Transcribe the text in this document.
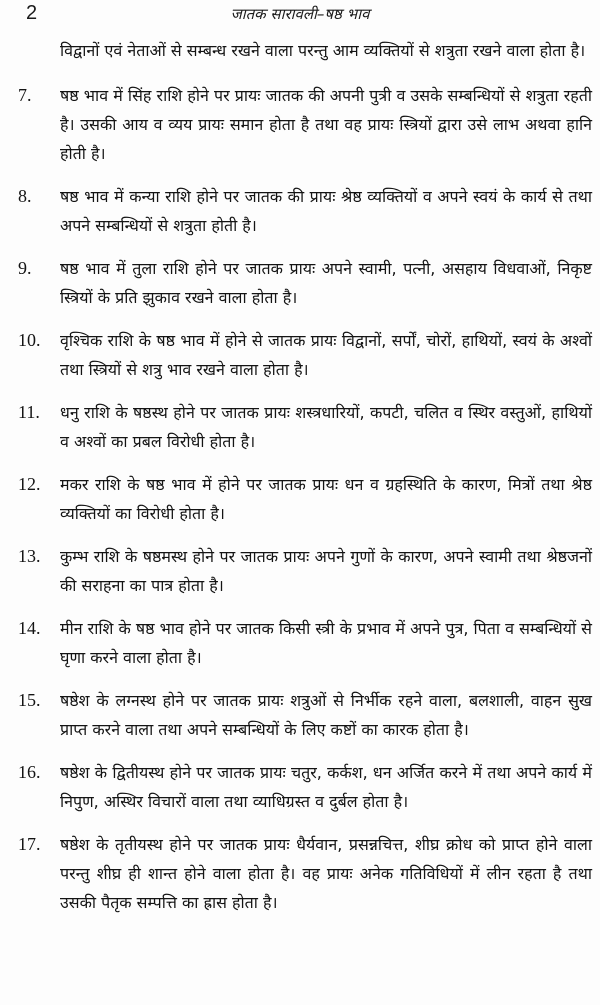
2	जातक सारावली–षष्ठ भाव
विद्वानों एवं नेताओं से सम्बन्ध रखने वाला परन्तु आम व्यक्तियों से शत्रुता रखने वाला होता है।
7.	षष्ठ भाव में सिंह राशि होने पर प्रायः जातक की अपनी पुत्री व उसके सम्बन्धियों से शत्रुता रहती है। उसकी आय व व्यय प्रायः समान होता है तथा वह प्रायः स्त्रियों द्वारा उसे लाभ अथवा हानि होती है।
8.	षष्ठ भाव में कन्या राशि होने पर जातक की प्रायः श्रेष्ठ व्यक्तियों व अपने स्वयं के कार्य से तथा अपने सम्बन्धियों से शत्रुता होती है।
9.	षष्ठ भाव में तुला राशि होने पर जातक प्रायः अपने स्वामी, पत्नी, असहाय विधवाओं, निकृष्ट स्त्रियों के प्रति झुकाव रखने वाला होता है।
10.	वृश्चिक राशि के षष्ठ भाव में होने से जातक प्रायः विद्वानों, सर्पों, चोरों, हाथियों, स्वयं के अश्वों तथा स्त्रियों से शत्रु भाव रखने वाला होता है।
11.	धनु राशि के षष्ठस्थ होने पर जातक प्रायः शस्त्रधारियों, कपटी, चलित व स्थिर वस्तुओं, हाथियों व अश्वों का प्रबल विरोधी होता है।
12.	मकर राशि के षष्ठ भाव में होने पर जातक प्रायः धन व ग्रहस्थिति के कारण, मित्रों तथा श्रेष्ठ व्यक्तियों का विरोधी होता है।
13.	कुम्भ राशि के षष्ठमस्थ होने पर जातक प्रायः अपने गुणों के कारण, अपने स्वामी तथा श्रेष्ठजनों की सराहना का पात्र होता है।
14.	मीन राशि के षष्ठ भाव होने पर जातक किसी स्त्री के प्रभाव में अपने पुत्र, पिता व सम्बन्धियों से घृणा करने वाला होता है।
15.	षष्ठेश के लग्नस्थ होने पर जातक प्रायः शत्रुओं से निर्भीक रहने वाला, बलशाली, वाहन सुख प्राप्त करने वाला तथा अपने सम्बन्धियों के लिए कष्टों का कारक होता है।
16.	षष्ठेश के द्वितीयस्थ होने पर जातक प्रायः चतुर, कर्कश, धन अर्जित करने में तथा अपने कार्य में निपुण, अस्थिर विचारों वाला तथा व्याधिग्रस्त व दुर्बल होता है।
17.	षष्ठेश के तृतीयस्थ होने पर जातक प्रायः धैर्यवान, प्रसन्नचित्त, शीघ्र क्रोध को प्राप्त होने वाला परन्तु शीघ्र ही शान्त होने वाला होता है। वह प्रायः अनेक गतिविधियों में लीन रहता है तथा उसकी पैतृक सम्पत्ति का ह्रास होता है।
